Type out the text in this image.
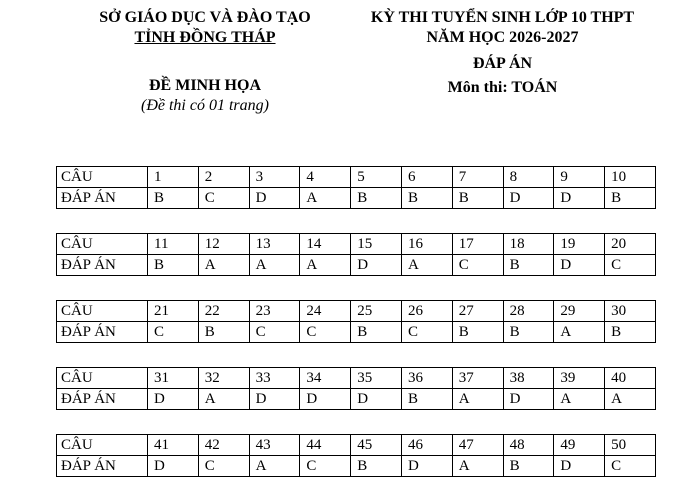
SỞ GIÁO DỤC VÀ ĐÀO TẠO
TỈNH ĐỒNG THÁP
ĐỀ MINH HỌA
(Đề thi có 01 trang)
KỲ THI TUYỂN SINH LỚP 10 THPT
NĂM HỌC 2026-2027
ĐÁP ÁN
Môn thi: TOÁN
CÂU	1	2	3	4	5	6	7	8	9	10
ĐÁP ÁN	B	C	D	A	B	B	B	D	D	B
CÂU	11	12	13	14	15	16	17	18	19	20
ĐÁP ÁN	B	A	A	A	D	A	C	B	D	C
CÂU	21	22	23	24	25	26	27	28	29	30
ĐÁP ÁN	C	B	C	C	B	C	B	B	A	B
CÂU	31	32	33	34	35	36	37	38	39	40
ĐÁP ÁN	D	A	D	D	D	B	A	D	A	A
CÂU	41	42	43	44	45	46	47	48	49	50
ĐÁP ÁN	D	C	A	C	B	D	A	B	D	C
